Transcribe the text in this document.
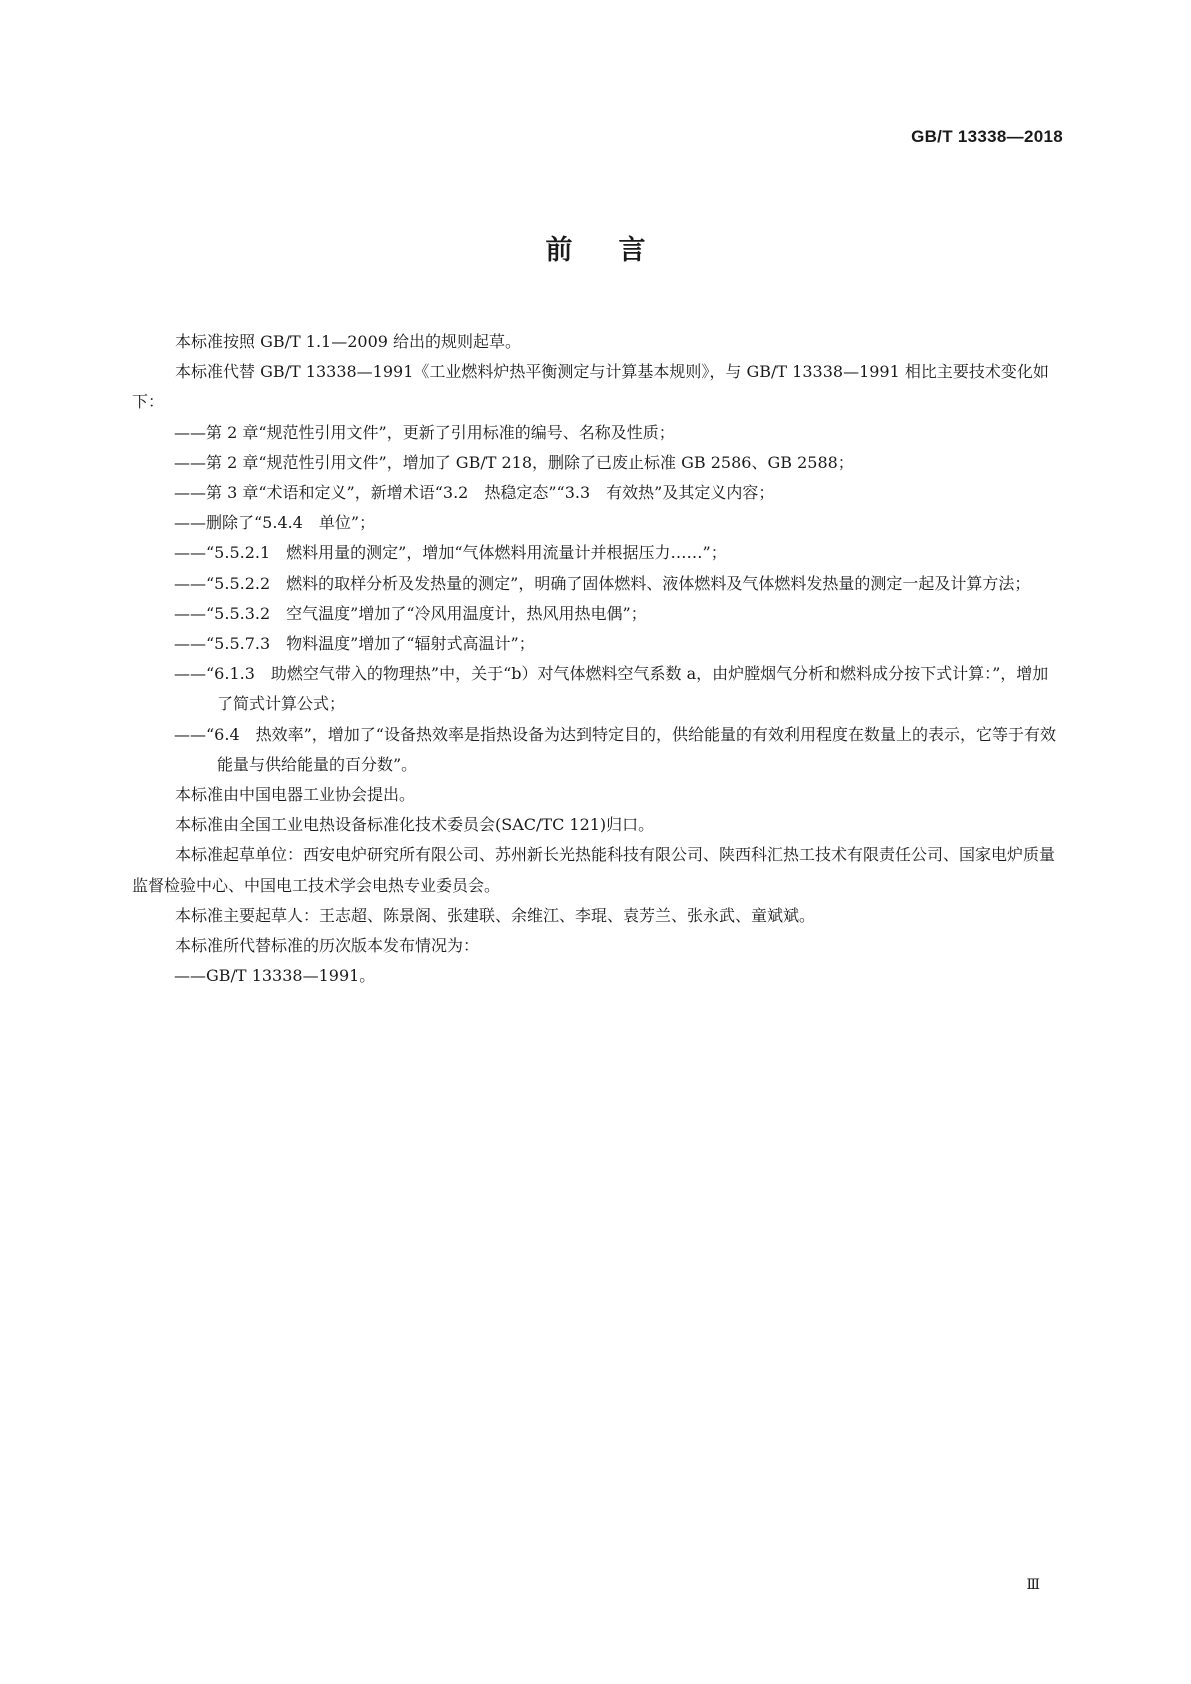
GB/T 13338—2018
前言

本标准按照 GB/T 1.1—2009 给出的规则起草。

本标准代替 GB/T 13338—1991《工业燃料炉热平衡测定与计算基本规则》，与 GB/T 13338—1991 相比主要技术变化如下：

——第 2 章“规范性引用文件”，更新了引用标准的编号、名称及性质；

——第 2 章“规范性引用文件”，增加了 GB/T 218，删除了已废止标准 GB 2586、GB 2588；

——第 3 章“术语和定义”，新增术语“3.2　热稳定态”“3.3　有效热”及其定义内容；

——删除了“5.4.4　单位”；

——“5.5.2.1　燃料用量的测定”，增加“气体燃料用流量计并根据压力……”；

——“5.5.2.2　燃料的取样分析及发热量的测定”，明确了固体燃料、液体燃料及气体燃料发热量的测定一起及计算方法；

——“5.5.3.2　空气温度”增加了“冷风用温度计，热风用热电偶”；

——“5.5.7.3　物料温度”增加了“辐射式高温计”；

——“6.1.3　助燃空气带入的物理热”中，关于“b）对气体燃料空气系数 a，由炉膛烟气分析和燃料成分按下式计算：”，增加了简式计算公式；

——“6.4　热效率”，增加了“设备热效率是指热设备为达到特定目的，供给能量的有效利用程度在数量上的表示，它等于有效能量与供给能量的百分数”。

本标准由中国电器工业协会提出。

本标准由全国工业电热设备标准化技术委员会(SAC/TC 121)归口。

本标准起草单位：西安电炉研究所有限公司、苏州新长光热能科技有限公司、陕西科汇热工技术有限责任公司、国家电炉质量监督检验中心、中国电工技术学会电热专业委员会。

本标准主要起草人：王志超、陈景阁、张建联、余维江、李琨、袁芳兰、张永武、童斌斌。

本标准所代替标准的历次版本发布情况为：

——GB/T 13338—1991。

Ⅲ
